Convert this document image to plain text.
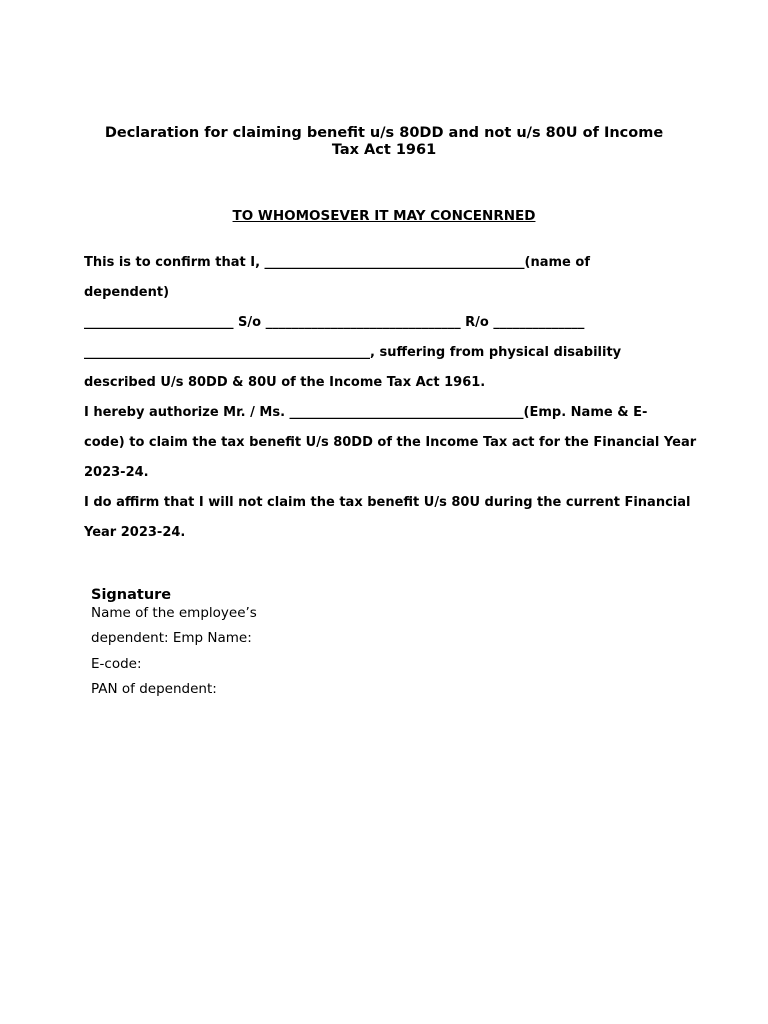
Declaration for claiming benefit u/s 80DD and not u/s 80U of Income
Tax Act 1961
TO WHOMOSEVER IT MAY CONCENRNED
This is to confirm that I, ________________________________________(name of
dependent)
_______________________ S/o ______________________________ R/o ______________
____________________________________________, suffering from physical disability
described U/s 80DD & 80U of the Income Tax Act 1961.
I hereby authorize Mr. / Ms. ____________________________________(Emp. Name & E-
code) to claim the tax benefit U/s 80DD of the Income Tax act for the Financial Year
2023-24.
I do affirm that I will not claim the tax benefit U/s 80U during the current Financial
Year 2023-24.
Signature
Name of the employee’s
dependent: Emp Name:
E-code:
PAN of dependent:
